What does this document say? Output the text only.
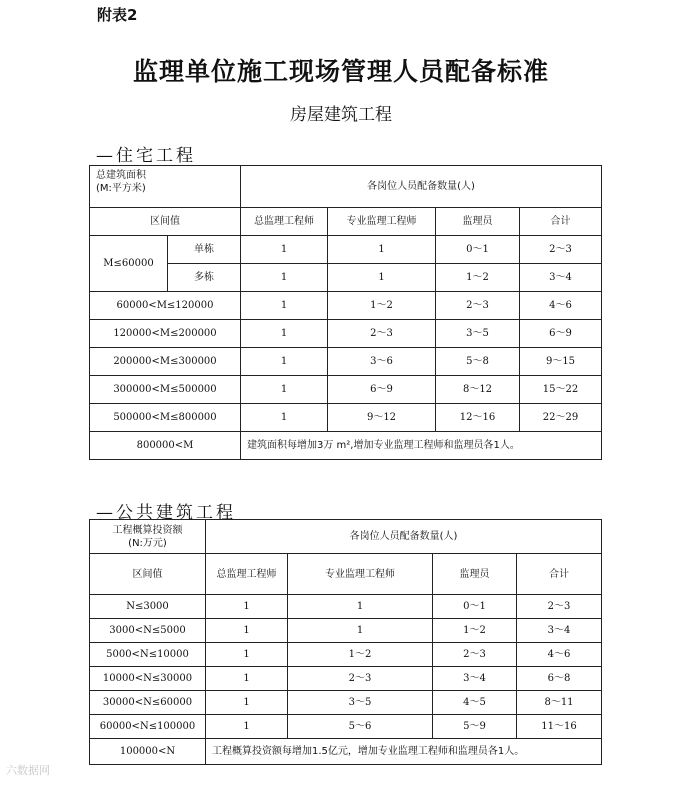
附表2
监理单位施工现场管理人员配备标准
房屋建筑工程
—住宅工程
总建筑面积
(M:平方米)		各岗位人员配备数量(人)			
区间值		总监理工程师	专业监理工程师	监理员	合计
M≤60000	单栋	1	1	0～1	2～3
	多栋	1	1	1～2	3～4
60000<M≤120000		1	1～2	2～3	4～6
120000<M≤200000		1	2～3	3～5	6～9
200000<M≤300000		1	3～6	5～8	9～15
300000<M≤500000		1	6～9	8～12	15～22
500000<M≤800000		1	9～12	12～16	22～29
800000<M		建筑面积每增加3万 m²,增加专业监理工程师和监理员各1人。			
—公共建筑工程
工程概算投资额
(N:万元)	各岗位人员配备数量(人)			
区间值	总监理工程师	专业监理工程师	监理员	合计
N≤3000	1	1	0～1	2～3
3000<N≤5000	1	1	1～2	3～4
5000<N≤10000	1	1～2	2～3	4～6
10000<N≤30000	1	2～3	3～4	6～8
30000<N≤60000	1	3～5	4～5	8～11
60000<N≤100000	1	5～6	5～9	11～16
100000<N	工程概算投资额每增加1.5亿元，增加专业监理工程师和监理员各1人。			
六数据网
